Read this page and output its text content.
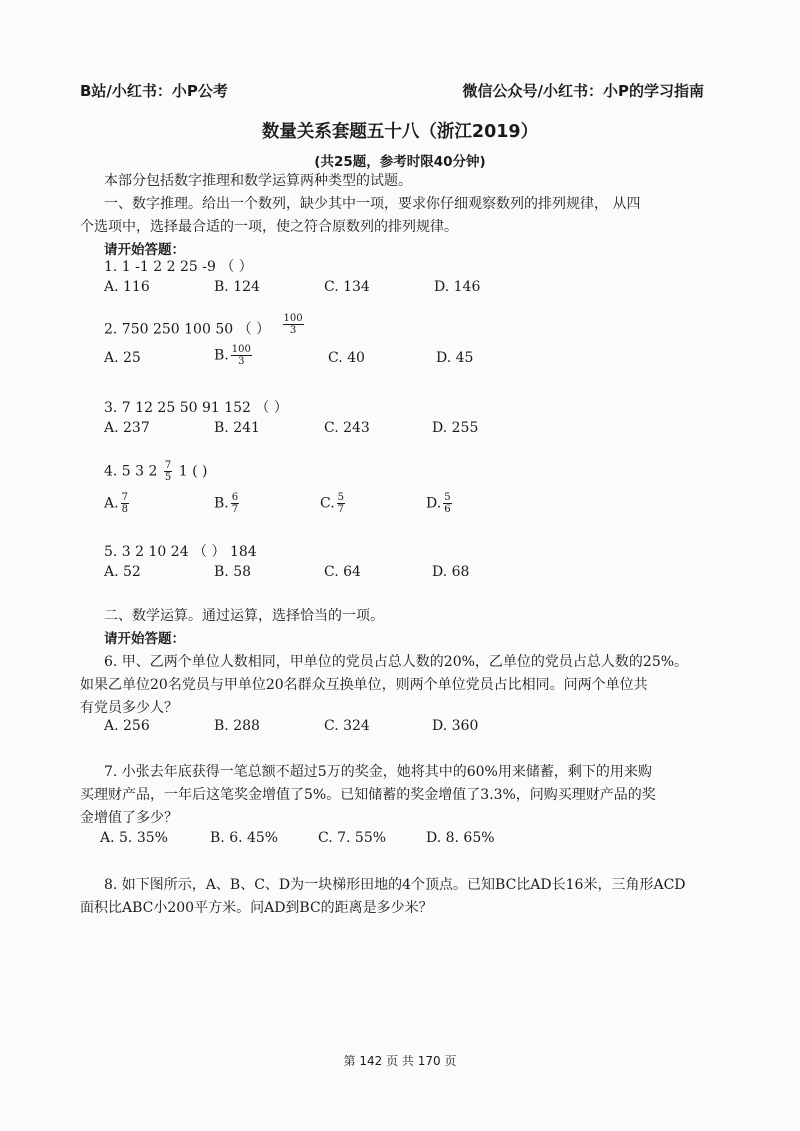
B站/小红书：小P公考	微信公众号/小红书：小P的学习指南
数量关系套题五十八（浙江2019）
(共25题，参考时限40分钟)
本部分包括数字推理和数学运算两种类型的试题。
一、数字推理。给出一个数列，缺少其中一项，要求你仔细观察数列的排列规律， 从四
个选项中，选择最合适的一项，使之符合原数列的排列规律。
请开始答题：
1. 1 -1 2 2 25 -9 （ ）
A. 116	B. 124	C. 134	D. 146
2. 750 250 100 50 （ ） $\frac{100}{3}$
A. 25	B. $\frac{100}{3}$	C. 40	D. 45
3. 7 12 25 50 91 152 （ ）
A. 237	B. 241	C. 243	D. 255
4. 5 3 $2 \frac{7}{5} 1$ ( )
A. $\frac{7}{8}$	B. $\frac{6}{7}$	C. $\frac{5}{7}$	D. $\frac{5}{6}$
5. 3 2 10 24 （ ） 184
A. 52	B. 58	C. 64	D. 68
二、数学运算。通过运算，选择恰当的一项。
请开始答题：
6. 甲、乙两个单位人数相同，甲单位的党员占总人数的20%，乙单位的党员占总人数的25%。
如果乙单位20名党员与甲单位20名群众互换单位，则两个单位党员占比相同。问两个单位共
有党员多少人？
A. 256	B. 288	C. 324	D. 360
7. 小张去年底获得一笔总额不超过5万的奖金，她将其中的60%用来储蓄，剩下的用来购
买理财产品，一年后这笔奖金增值了5%。已知储蓄的奖金增值了3.3%，问购买理财产品的奖
金增值了多少？
A. 5. 35%	B. 6. 45%	C. 7. 55%	D. 8. 65%
8. 如下图所示，A、B、C、D为一块梯形田地的4个顶点。已知BC比AD长16米，三角形ACD
面积比ABC小200平方米。问AD到BC的距离是多少米？
第 142 页 共 170 页
